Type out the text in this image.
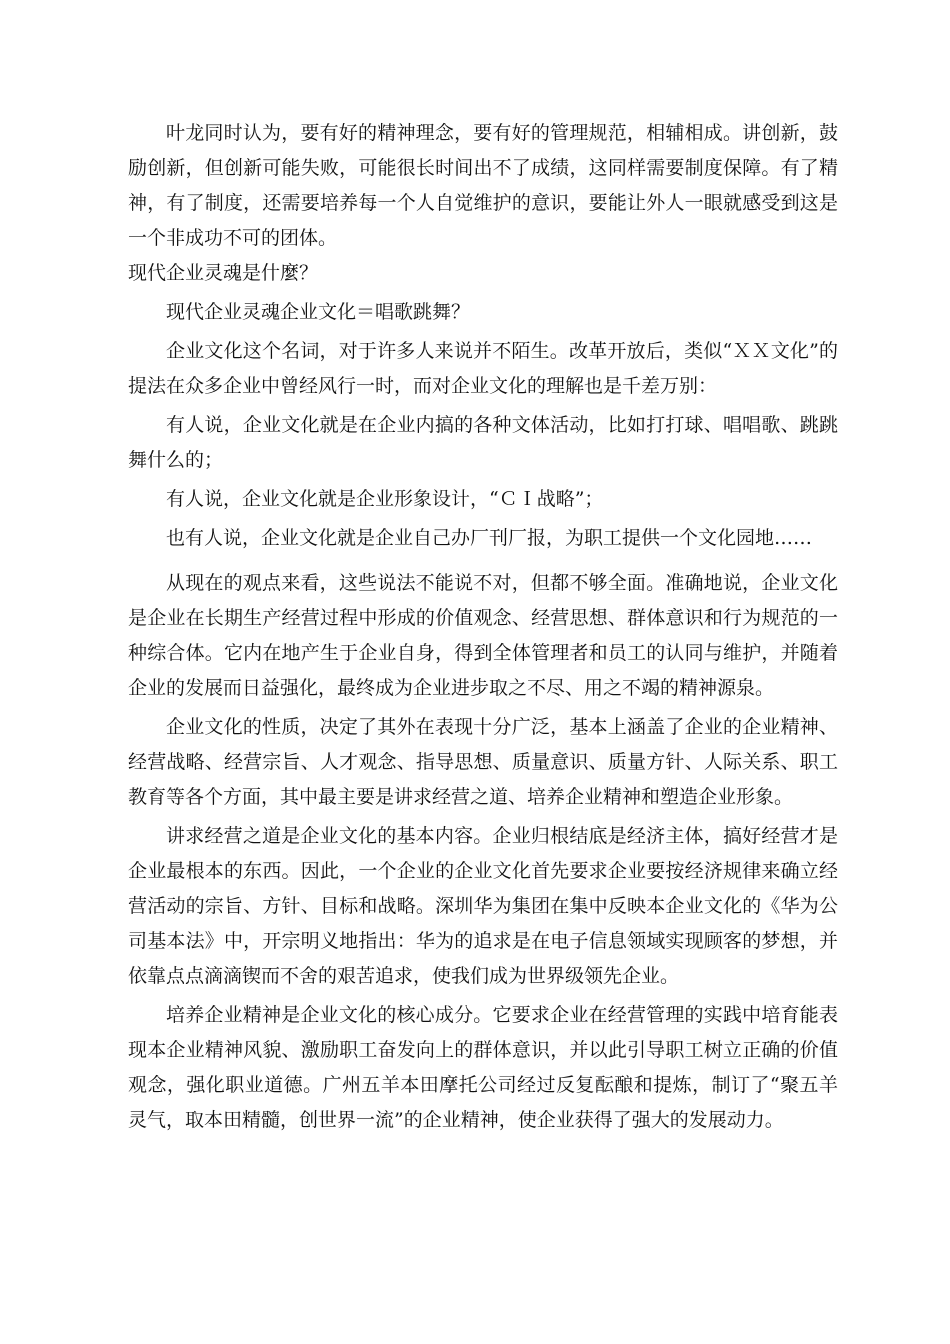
叶龙同时认为，要有好的精神理念，要有好的管理规范，相辅相成。讲创新，鼓励创新，但创新可能失败，可能很长时间出不了成绩，这同样需要制度保障。有了精神，有了制度，还需要培养每一个人自觉维护的意识，要能让外人一眼就感受到这是一个非成功不可的团体。

现代企业灵魂是什麼？

现代企业灵魂企业文化＝唱歌跳舞？

企业文化这个名词，对于许多人来说并不陌生。改革开放后，类似“ＸＸ文化”的提法在众多企业中曾经风行一时，而对企业文化的理解也是千差万别：

有人说，企业文化就是在企业内搞的各种文体活动，比如打打球、唱唱歌、跳跳舞什么的；

有人说，企业文化就是企业形象设计，“ＣＩ战略”；

也有人说，企业文化就是企业自己办厂刊厂报，为职工提供一个文化园地……

从现在的观点来看，这些说法不能说不对，但都不够全面。准确地说，企业文化是企业在长期生产经营过程中形成的价值观念、经营思想、群体意识和行为规范的一种综合体。它内在地产生于企业自身，得到全体管理者和员工的认同与维护，并随着企业的发展而日益强化，最终成为企业进步取之不尽、用之不竭的精神源泉。

企业文化的性质，决定了其外在表现十分广泛，基本上涵盖了企业的企业精神、经营战略、经营宗旨、人才观念、指导思想、质量意识、质量方针、人际关系、职工教育等各个方面，其中最主要是讲求经营之道、培养企业精神和塑造企业形象。

讲求经营之道是企业文化的基本内容。企业归根结底是经济主体，搞好经营才是企业最根本的东西。因此，一个企业的企业文化首先要求企业要按经济规律来确立经营活动的宗旨、方针、目标和战略。深圳华为集团在集中反映本企业文化的《华为公司基本法》中，开宗明义地指出：华为的追求是在电子信息领域实现顾客的梦想，并依靠点点滴滴锲而不舍的艰苦追求，使我们成为世界级领先企业。

培养企业精神是企业文化的核心成分。它要求企业在经营管理的实践中培育能表现本企业精神风貌、激励职工奋发向上的群体意识，并以此引导职工树立正确的价值观念，强化职业道德。广州五羊本田摩托公司经过反复酝酿和提炼，制订了“聚五羊灵气，取本田精髓，创世界一流”的企业精神，使企业获得了强大的发展动力。
